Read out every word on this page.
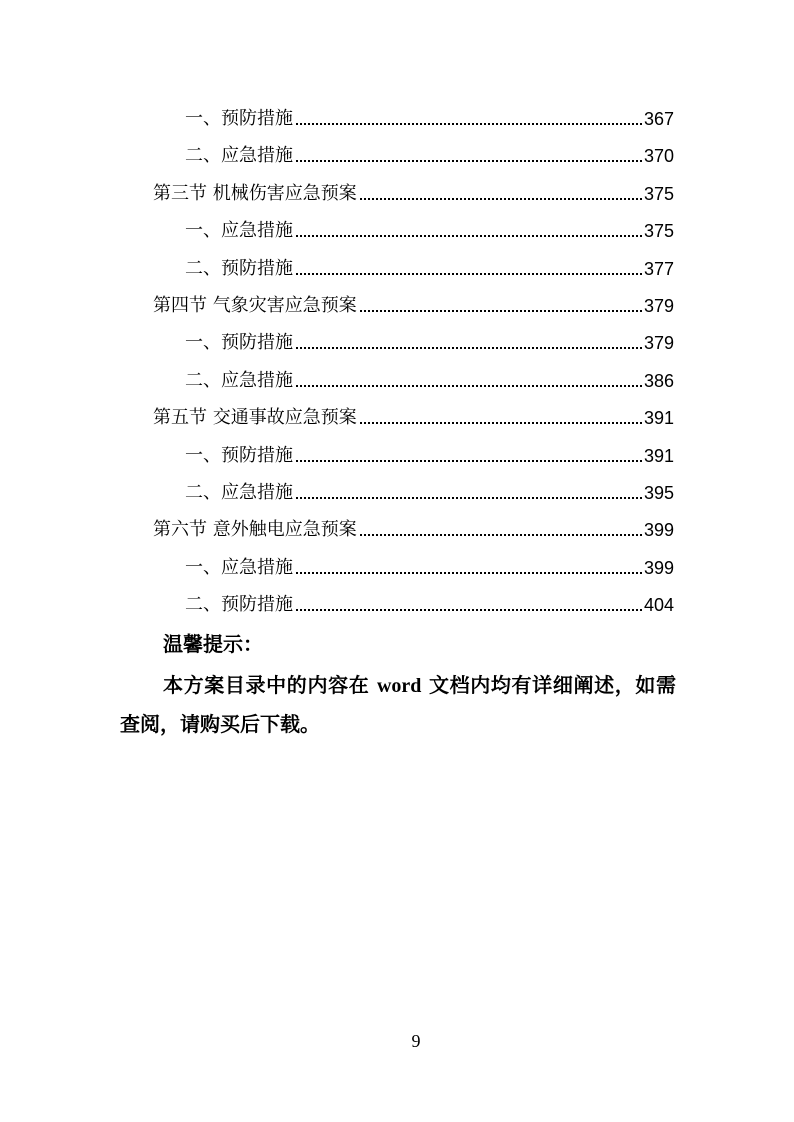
一、预防措施	367
二、应急措施	370
第三节 机械伤害应急预案	375
一、应急措施	375
二、预防措施	377
第四节 气象灾害应急预案	379
一、预防措施	379
二、应急措施	386
第五节 交通事故应急预案	391
一、预防措施	391
二、应急措施	395
第六节 意外触电应急预案	399
一、应急措施	399
二、预防措施	404
温馨提示：
本方案目录中的内容在 word 文档内均有详细阐述，如需查阅，请购买后下载。
9
